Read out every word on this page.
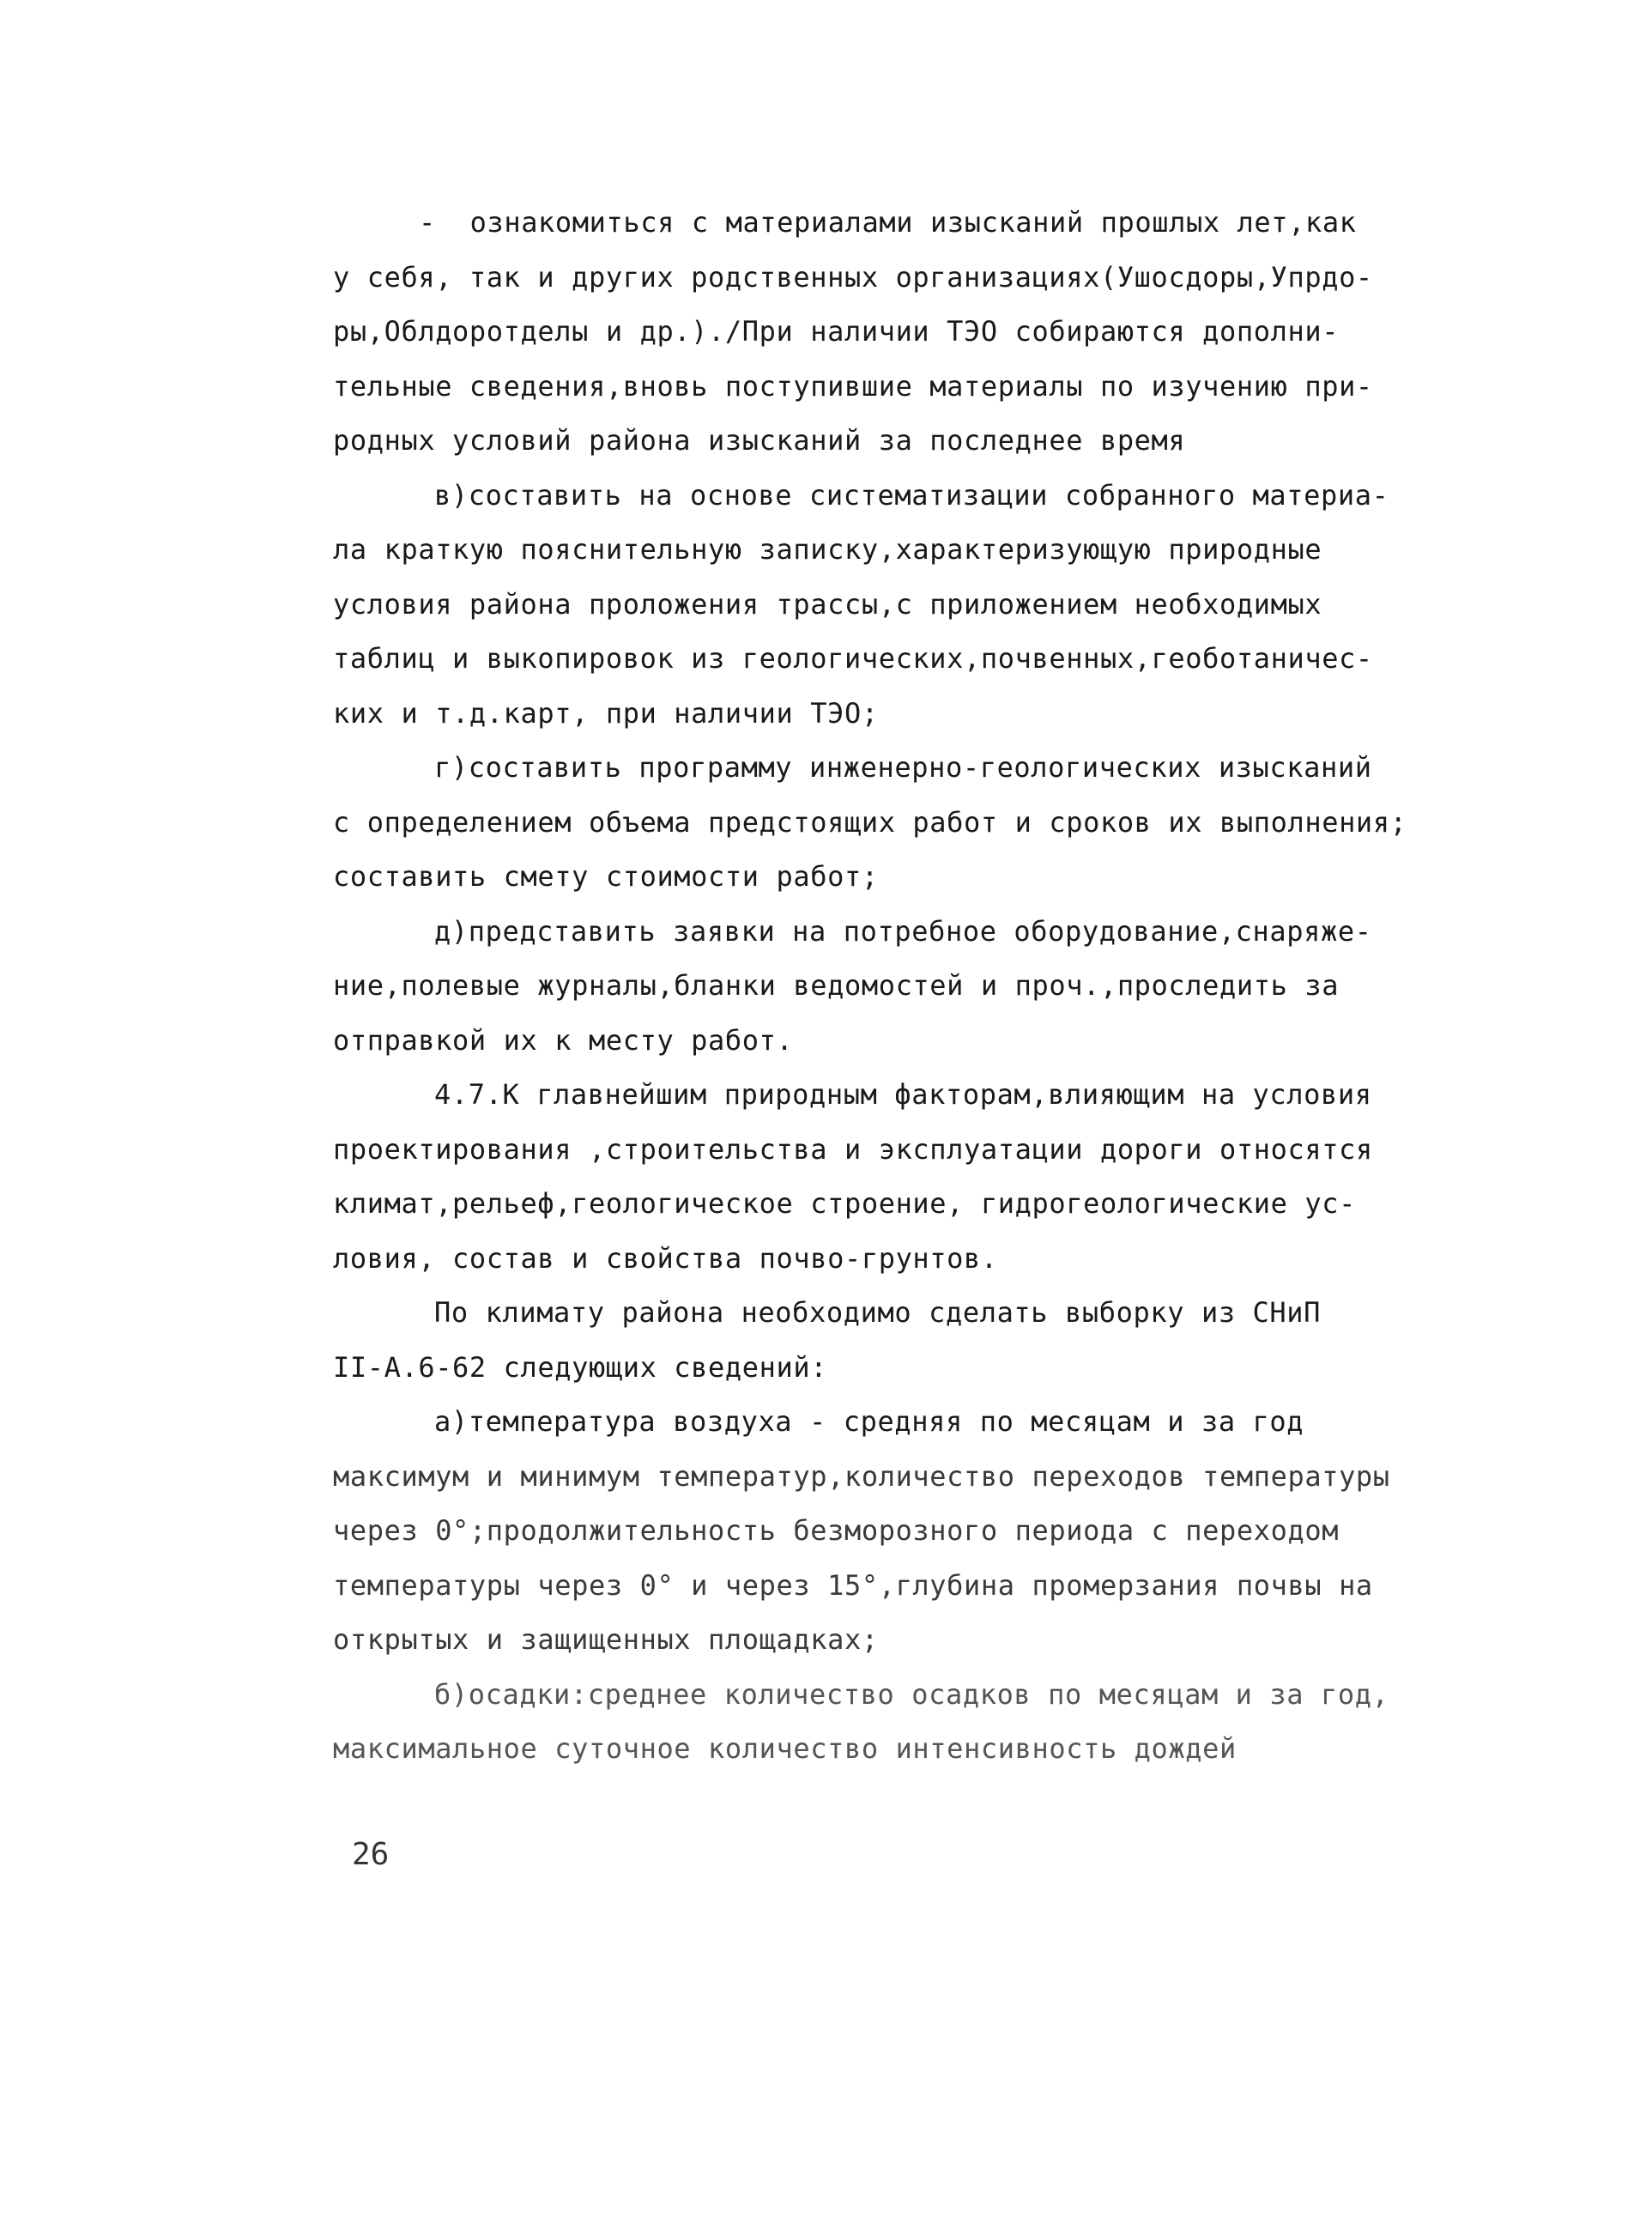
-  ознакомиться с материалами изысканий прошлых лет,как
у себя, так и других родственных организациях(Ушосдоры,Упрдо-
ры,Облдоротделы и др.)./При наличии ТЭО собираются дополни-
тельные сведения,вновь поступившие материалы по изучению при-
родных условий района изысканий за последнее время
в)составить на основе систематизации собранного материа-
ла краткую пояснительную записку,характеризующую природные
условия района проложения трассы,с приложением необходимых
таблиц и выкопировок из геологических,почвенных,геоботаничес-
ких и т.д.карт, при наличии ТЭО;
г)составить программу инженерно-геологических изысканий
с определением объема предстоящих работ и сроков их выполнения;
составить смету стоимости работ;
д)представить заявки на потребное оборудование,снаряже-
ние,полевые журналы,бланки ведомостей и проч.,проследить за
отправкой их к месту работ.
4.7.К главнейшим природным факторам,влияющим на условия
проектирования ,строительства и эксплуатации дороги относятся
климат,рельеф,геологическое строение, гидрогеологические ус-
ловия, состав и свойства почво-грунтов.
По климату района необходимо сделать выборку из СНиП
II-А.6-62 следующих сведений:
а)температура воздуха - средняя по месяцам и за год
максимум и минимум температур,количество переходов температуры
через 0°;продолжительность безморозного периода с переходом
температуры через 0° и через 15°,глубина промерзания почвы на
открытых и защищенных площадках;
б)осадки:среднее количество осадков по месяцам и за год,
максимальное суточное количество интенсивность дождей
26
